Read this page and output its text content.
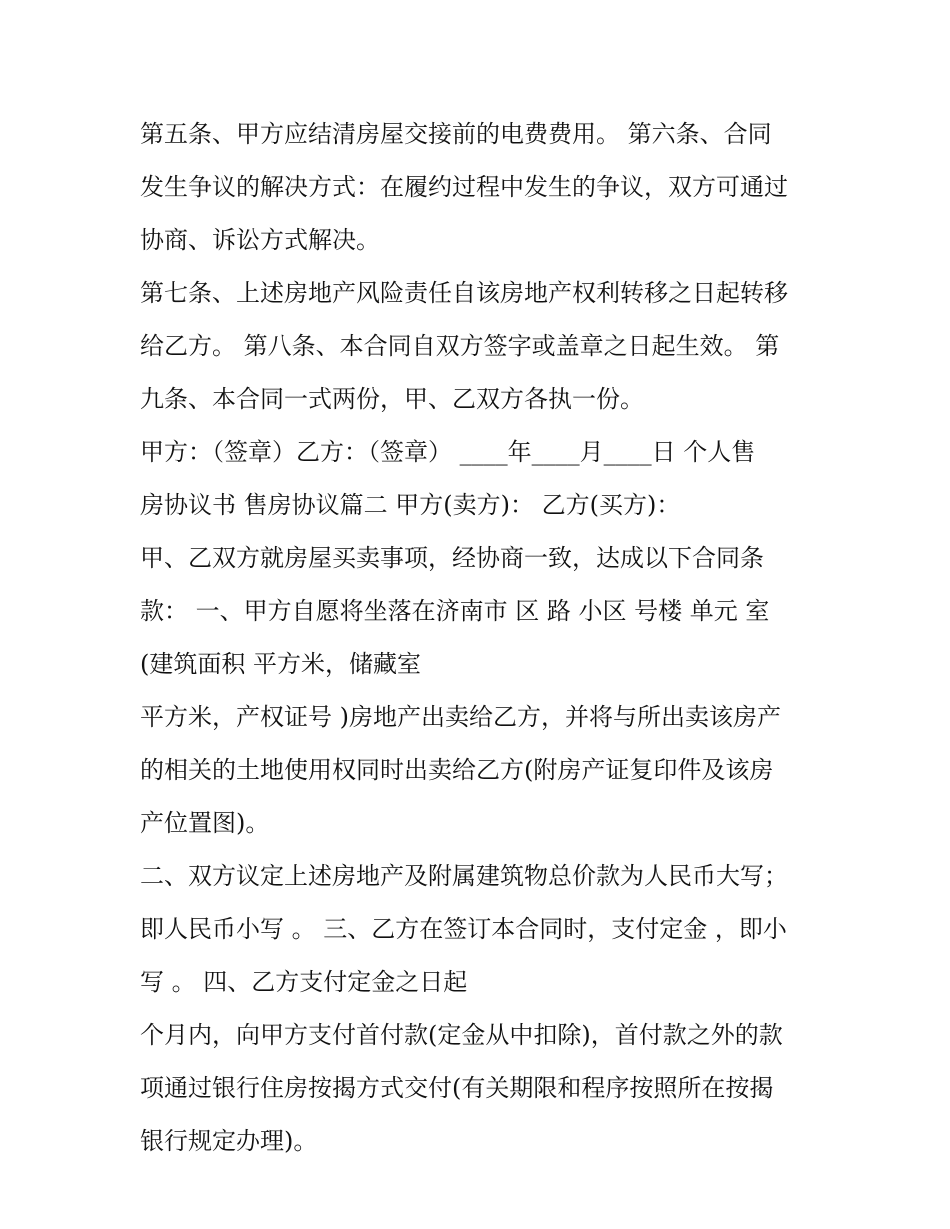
第五条、甲方应结清房屋交接前的电费费用。 第六条、合同
发生争议的解决方式：在履约过程中发生的争议，双方可通过
协商、诉讼方式解决。
第七条、上述房地产风险责任自该房地产权利转移之日起转移
给乙方。 第八条、本合同自双方签字或盖章之日起生效。 第
九条、本合同一式两份，甲、乙双方各执一份。
甲方：（签章）乙方：（签章） ____年____月____日 个人售
房协议书 售房协议篇二 甲方(卖方)： 乙方(买方)：
甲、乙双方就房屋买卖事项，经协商一致，达成以下合同条
款： 一、甲方自愿将坐落在济南市 区 路 小区 号楼 单元 室
(建筑面积 平方米，储藏室
平方米，产权证号 )房地产出卖给乙方，并将与所出卖该房产
的相关的土地使用权同时出卖给乙方(附房产证复印件及该房
产位置图)。
二、双方议定上述房地产及附属建筑物总价款为人民币大写；
即人民币小写 。 三、乙方在签订本合同时，支付定金 ，即小
写 。 四、乙方支付定金之日起
个月内，向甲方支付首付款(定金从中扣除)，首付款之外的款
项通过银行住房按揭方式交付(有关期限和程序按照所在按揭
银行规定办理)。
